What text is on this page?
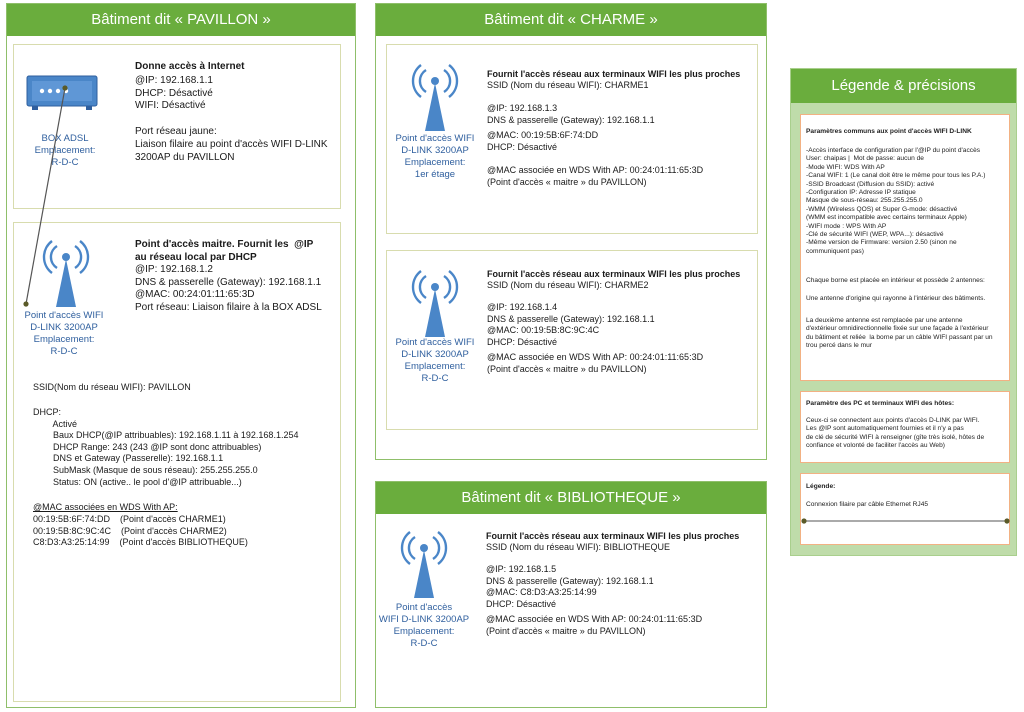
Bâtiment dit « PAVILLON »
BOX ADSL
Emplacement:
R-D-C
Donne accès à Internet
@IP: 192.168.1.1
DHCP: Désactivé
WIFI: Désactivé
Port réseau jaune:
Liaison filaire au point d'accès WIFI D-LINK
3200AP du PAVILLON
Point d'accès WIFI
D-LINK 3200AP
Emplacement:
R-D-C
Point d'accès maitre. Fournit les  @IP
au réseau local par DHCP
@IP: 192.168.1.2
DNS & passerelle (Gateway): 192.168.1.1
@MAC: 00:24:01:11:65:3D
Port réseau: Liaison filaire à la BOX ADSL
SSID(Nom du réseau WIFI): PAVILLON
DHCP:
Activé
Baux DHCP(@IP attribuables): 192.168.1.11 à 192.168.1.254
DHCP Range: 243 (243 @IP sont donc attribuables)
DNS et Gateway (Passerelle): 192.168.1.1
SubMask (Masque de sous réseau): 255.255.255.0
Status: ON (active.. le pool d'@IP attribuable...)
@MAC associées en WDS With AP:
00:19:5B:6F:74:DD    (Point d'accès CHARME1)
00:19:5B:8C:9C:4C    (Point d'accès CHARME2)
C8:D3:A3:25:14:99    (Point d'accès BIBLIOTHEQUE)
Bâtiment dit « CHARME »
Point d'accès WIFI
D-LINK 3200AP
Emplacement:
1er étage
Fournit l'accès réseau aux terminaux WIFI les plus proches
SSID (Nom du réseau WIFI): CHARME1
@IP: 192.168.1.3
DNS & passerelle (Gateway): 192.168.1.1
@MAC: 00:19:5B:6F:74:DD
DHCP: Désactivé
@MAC associée en WDS With AP: 00:24:01:11:65:3D
(Point d'accès « maitre » du PAVILLON)
Point d'accès WIFI
D-LINK 3200AP
Emplacement:
R-D-C
Fournit l'accès réseau aux terminaux WIFI les plus proches
SSID (Nom du réseau WIFI): CHARME2
@IP: 192.168.1.4
DNS & passerelle (Gateway): 192.168.1.1
@MAC: 00:19:5B:8C:9C:4C
DHCP: Désactivé
@MAC associée en WDS With AP: 00:24:01:11:65:3D
(Point d'accès « maitre » du PAVILLON)
Bâtiment dit « BIBLIOTHEQUE »
Point d'accès
WIFI D-LINK 3200AP
Emplacement:
R-D-C
Fournit l'accès réseau aux terminaux WIFI les plus proches
SSID (Nom du réseau WIFI): BIBLIOTHEQUE
@IP: 192.168.1.5
DNS & passerelle (Gateway): 192.168.1.1
@MAC: C8:D3:A3:25:14:99
DHCP: Désactivé
@MAC associée en WDS With AP: 00:24:01:11:65:3D
(Point d'accès « maitre » du PAVILLON)
Légende & précisions
Paramètres communs aux point d'accès WIFI D-LINK
-Accès interface de configuration par l'@IP du point d'accès
User: chaipas |  Mot de passe: aucun de
-Mode WIFI: WDS With AP
-Canal WIFI: 1 (Le canal doit être le même pour tous les P.A.)
-SSID Broadcast (Diffusion du SSID): activé
-Configuration IP: Adresse IP statique
Masque de sous-réseau: 255.255.255.0
-WMM (Wireless QOS) et Super G-mode: désactivé
(WMM est incompatible avec certains terminaux Apple)
-WIFI mode : WPS With AP
-Clé de sécurité WIFI (WEP, WPA...): désactivé
-Même version de Firmware: version 2.50 (sinon ne
communiquent pas)
Chaque borne est placée en intérieur et possède 2 antennes:
Une antenne d'origine qui rayonne à l'intérieur des bâtiments.
La deuxième antenne est remplacée par une antenne
d'extérieur omnidirectionnelle fixée sur une façade à l'extérieur
du bâtiment et reliée  la borne par un câble WIFI passant par un
trou percé dans le mur
Paramètre des PC et terminaux WIFI des hôtes:
Ceux-ci se connectent aux points d'accès D-LINK par WIFI.
Les @IP sont automatiquement fournies et il n'y a pas
de clé de sécurité WIFI à renseigner (gîte très isolé, hôtes de
confiance et volonté de faciliter l'accès au Web)
Légende:
Connexion filaire par câble Ethernet RJ45
